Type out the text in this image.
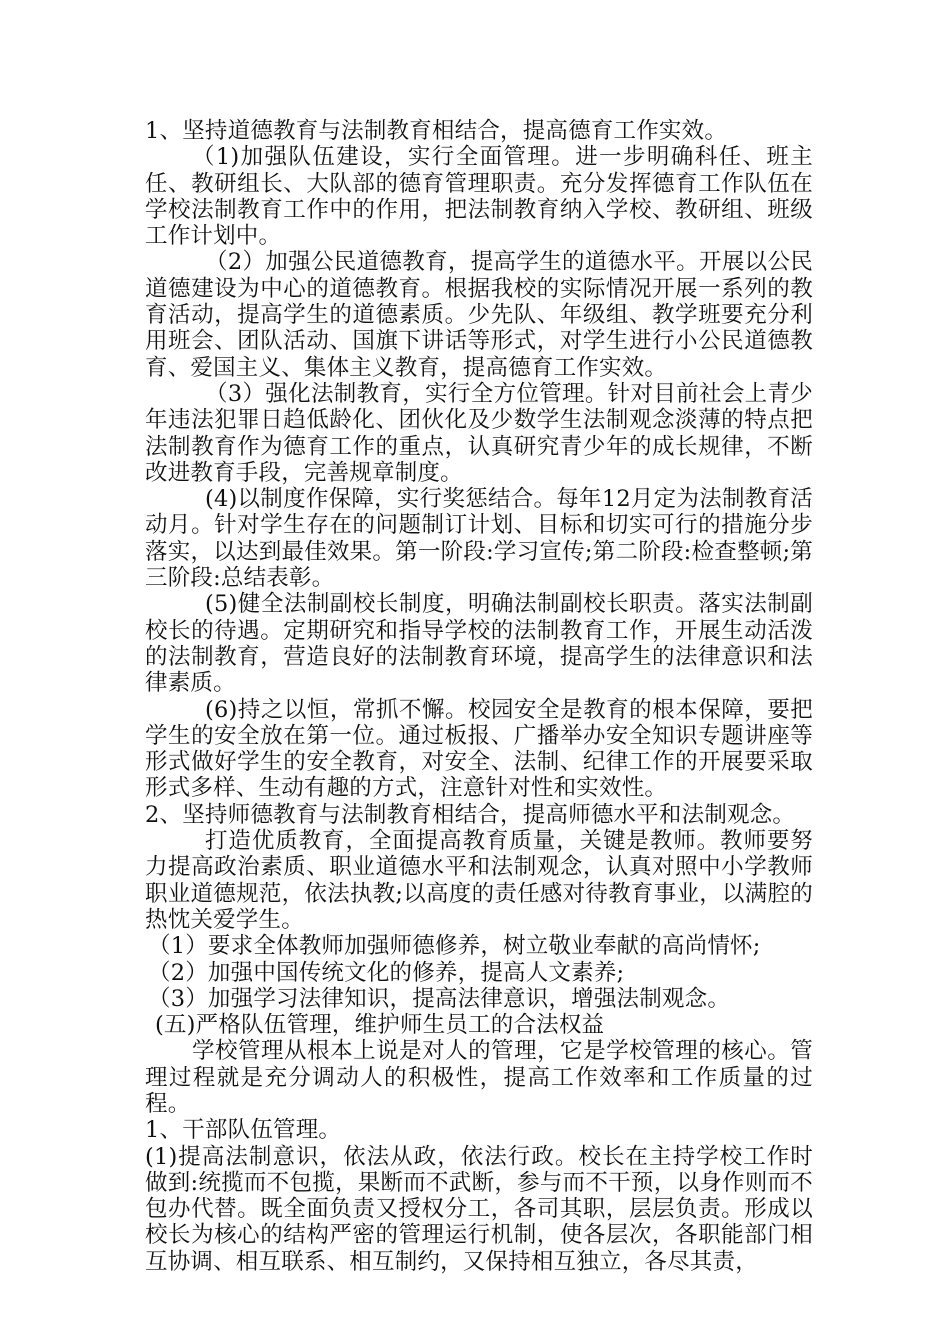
1、坚持道德教育与法制教育相结合，提高德育工作实效。

（1)加强队伍建设，实行全面管理。进一步明确科任、班主任、教研组长、大队部的德育管理职责。充分发挥德育工作队伍在学校法制教育工作中的作用，把法制教育纳入学校、教研组、班级工作计划中。

（2）加强公民道德教育，提高学生的道德水平。开展以公民道德建设为中心的道德教育。根据我校的实际情况开展一系列的教育活动，提高学生的道德素质。少先队、年级组、教学班要充分利用班会、团队活动、国旗下讲话等形式，对学生进行小公民道德教育、爱国主义、集体主义教育，提高德育工作实效。

（3）强化法制教育，实行全方位管理。针对目前社会上青少年违法犯罪日趋低龄化、团伙化及少数学生法制观念淡薄的特点把法制教育作为德育工作的重点，认真研究青少年的成长规律，不断改进教育手段，完善规章制度。

(4)以制度作保障，实行奖惩结合。每年12月定为法制教育活动月。针对学生存在的问题制订计划、目标和切实可行的措施分步落实，以达到最佳效果。第一阶段:学习宣传;第二阶段:检查整顿;第三阶段:总结表彰。

(5)健全法制副校长制度，明确法制副校长职责。落实法制副校长的待遇。定期研究和指导学校的法制教育工作，开展生动活泼的法制教育，营造良好的法制教育环境，提高学生的法律意识和法律素质。

(6)持之以恒，常抓不懈。校园安全是教育的根本保障，要把学生的安全放在第一位。通过板报、广播举办安全知识专题讲座等形式做好学生的安全教育，对安全、法制、纪律工作的开展要采取形式多样、生动有趣的方式，注意针对性和实效性。

2、坚持师德教育与法制教育相结合，提高师德水平和法制观念。

打造优质教育，全面提高教育质量，关键是教师。教师要努力提高政治素质、职业道德水平和法制观念，认真对照中小学教师职业道德规范，依法执教;以高度的责任感对待教育事业，以满腔的热忱关爱学生。

（1）要求全体教师加强师德修养，树立敬业奉献的高尚情怀;

（2）加强中国传统文化的修养，提高人文素养;

（3）加强学习法律知识，提高法律意识，增强法制观念。

(五)严格队伍管理，维护师生员工的合法权益

学校管理从根本上说是对人的管理，它是学校管理的核心。管理过程就是充分调动人的积极性，提高工作效率和工作质量的过程。

1、干部队伍管理。

(1)提高法制意识，依法从政，依法行政。校长在主持学校工作时做到:统揽而不包揽，果断而不武断，参与而不干预，以身作则而不包办代替。既全面负责又授权分工，各司其职，层层负责。形成以校长为核心的结构严密的管理运行机制，使各层次，各职能部门相互协调、相互联系、相互制约，又保持相互独立，各尽其责，
